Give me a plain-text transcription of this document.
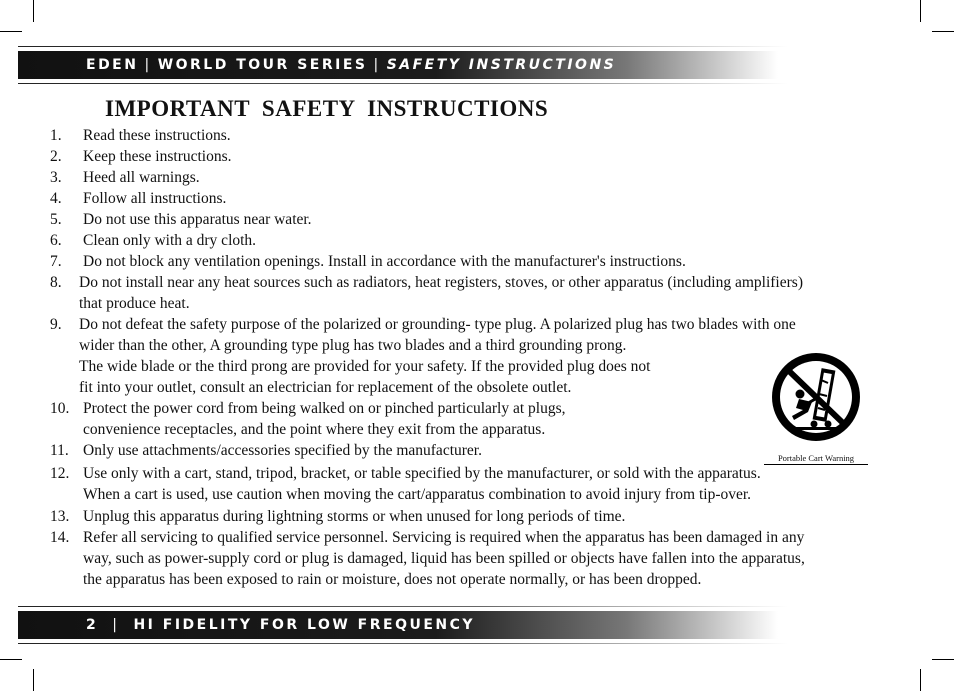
EDEN | WORLD TOUR SERIES | SAFETY INSTRUCTIONS
IMPORTANT SAFETY INSTRUCTIONS
1. Read these instructions.
2. Keep these instructions.
3. Heed all warnings.
4. Follow all instructions.
5. Do not use this apparatus near water.
6. Clean only with a dry cloth.
7. Do not block any ventilation openings. Install in accordance with the manufacturer's instructions.
8. Do not install near any heat sources such as radiators, heat registers, stoves, or other apparatus (including amplifiers)
that produce heat.
9. Do not defeat the safety purpose of the polarized or grounding- type plug. A polarized plug has two blades with one
wider than the other, A grounding type plug has two blades and a third grounding prong.
The wide blade or the third prong are provided for your safety. If the provided plug does not
fit into your outlet, consult an electrician for replacement of the obsolete outlet.
10. Protect the power cord from being walked on or pinched particularly at plugs,
convenience receptacles, and the point where they exit from the apparatus.
11. Only use attachments/accessories specified by the manufacturer.
12. Use only with a cart, stand, tripod, bracket, or table specified by the manufacturer, or sold with the apparatus.
When a cart is used, use caution when moving the cart/apparatus combination to avoid injury from tip-over.
13. Unplug this apparatus during lightning storms or when unused for long periods of time.
14. Refer all servicing to qualified service personnel. Servicing is required when the apparatus has been damaged in any
way, such as power-supply cord or plug is damaged, liquid has been spilled or objects have fallen into the apparatus,
the apparatus has been exposed to rain or moisture, does not operate normally, or has been dropped.
Portable Cart Warning
2 | HI FIDELITY FOR LOW FREQUENCY
